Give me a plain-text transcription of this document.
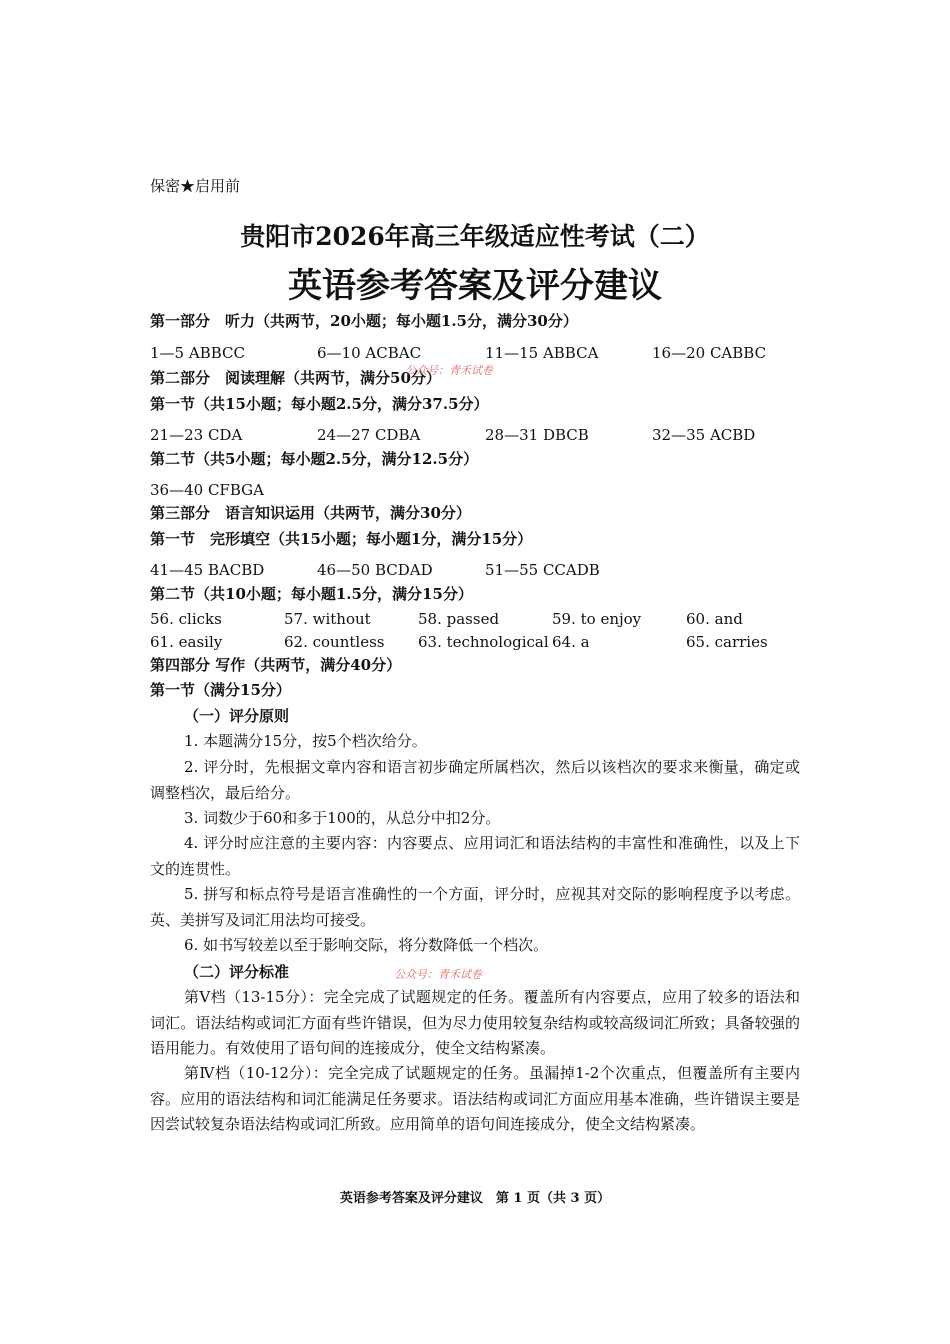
保密★启用前
贵阳市2026年高三年级适应性考试（二）
英语参考答案及评分建议
第一部分　听力（共两节，20小题；每小题1.5分，满分30分）
1—5 ABBCC	6—10 ACBAC	11—15 ABBCA	16—20 CABBC
第二部分　阅读理解（共两节，满分50分）
公众号：青禾试卷
第一节（共15小题；每小题2.5分，满分37.5分）
21—23 CDA	24—27 CDBA	28—31 DBCB	32—35 ACBD
第二节（共5小题；每小题2.5分，满分12.5分）
36—40 CFBGA
第三部分　语言知识运用（共两节，满分30分）
第一节　完形填空（共15小题；每小题1分，满分15分）
41—45 BACBD	46—50 BCDAD	51—55 CCADB
第二节（共10小题；每小题1.5分，满分15分）
56. clicks	57. without	58. passed	59. to enjoy	60. and
61. easily	62. countless 63. technological 64. a	65. carries
第四部分 写作（共两节，满分40分）
第一节（满分15分）
（一）评分原则
1. 本题满分15分，按5个档次给分。
2. 评分时，先根据文章内容和语言初步确定所属档次，然后以该档次的要求来衡量，确定或调整档次，最后给分。
3. 词数少于60和多于100的，从总分中扣2分。
4. 评分时应注意的主要内容：内容要点、应用词汇和语法结构的丰富性和准确性，以及上下文的连贯性。
5. 拼写和标点符号是语言准确性的一个方面，评分时，应视其对交际的影响程度予以考虑。英、美拼写及词汇用法均可接受。
6. 如书写较差以至于影响交际，将分数降低一个档次。
（二）评分标准	公众号：青禾试卷
第Ⅴ档（13-15分）：完全完成了试题规定的任务。覆盖所有内容要点，应用了较多的语法和词汇。语法结构或词汇方面有些许错误，但为尽力使用较复杂结构或较高级词汇所致；具备较强的语用能力。有效使用了语句间的连接成分，使全文结构紧凑。
第Ⅳ档（10-12分）：完全完成了试题规定的任务。虽漏掉1-2个次重点，但覆盖所有主要内容。应用的语法结构和词汇能满足任务要求。语法结构或词汇方面应用基本准确，些许错误主要是因尝试较复杂语法结构或词汇所致。应用简单的语句间连接成分，使全文结构紧凑。
英语参考答案及评分建议　第 1 页（共 3 页）
